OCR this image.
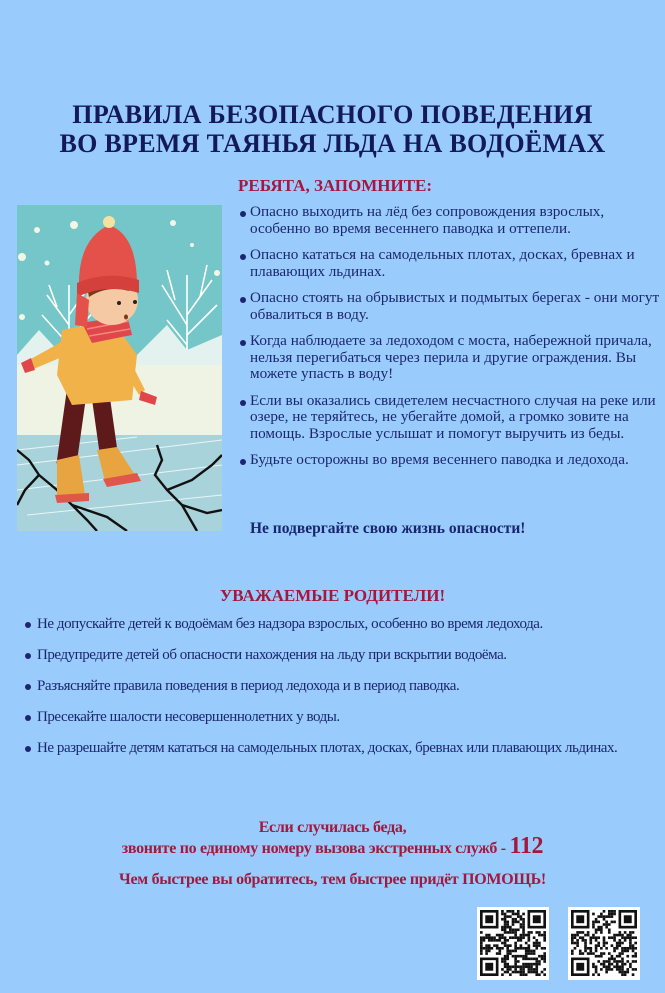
ПРАВИЛА БЕЗОПАСНОГО ПОВЕДЕНИЯ
ВО ВРЕМЯ ТАЯНЬЯ ЛЬДА НА ВОДОЁМАХ
РЕБЯТА, ЗАПОМНИТЕ:
Опасно выходить на лёд без сопровождения взрослых, особенно во время весеннего паводка и оттепели.
Опасно кататься на самодельных плотах, досках, бревнах и плавающих льдинах.
Опасно стоять на обрывистых и подмытых берегах - они могут обвалиться в воду.
Когда наблюдаете за ледоходом с моста, набережной причала, нельзя перегибаться через перила и другие ограждения. Вы можете упасть в воду!
Если вы оказались свидетелем несчастного случая на реке или озере, не теряйтесь, не убегайте домой, а громко зовите на помощь. Взрослые услышат и помогут выручить из беды.
Будьте осторожны во время весеннего паводка и ледохода.
Не подвергайте свою жизнь опасности!
УВАЖАЕМЫЕ РОДИТЕЛИ!
Не допускайте детей к водоёмам без надзора взрослых, особенно во время ледохода.
Предупредите детей об опасности нахождения на льду при вскрытии водоёма.
Разъясняйте правила поведения в период ледохода и в период паводка.
Пресекайте шалости несовершеннолетних у воды.
Не разрешайте детям кататься на самодельных плотах, досках, бревнах или плавающих льдинах.
Если случилась беда,
звоните по единому номеру вызова экстренных служб - 112
Чем быстрее вы обратитесь, тем быстрее придёт ПОМОЩЬ!
